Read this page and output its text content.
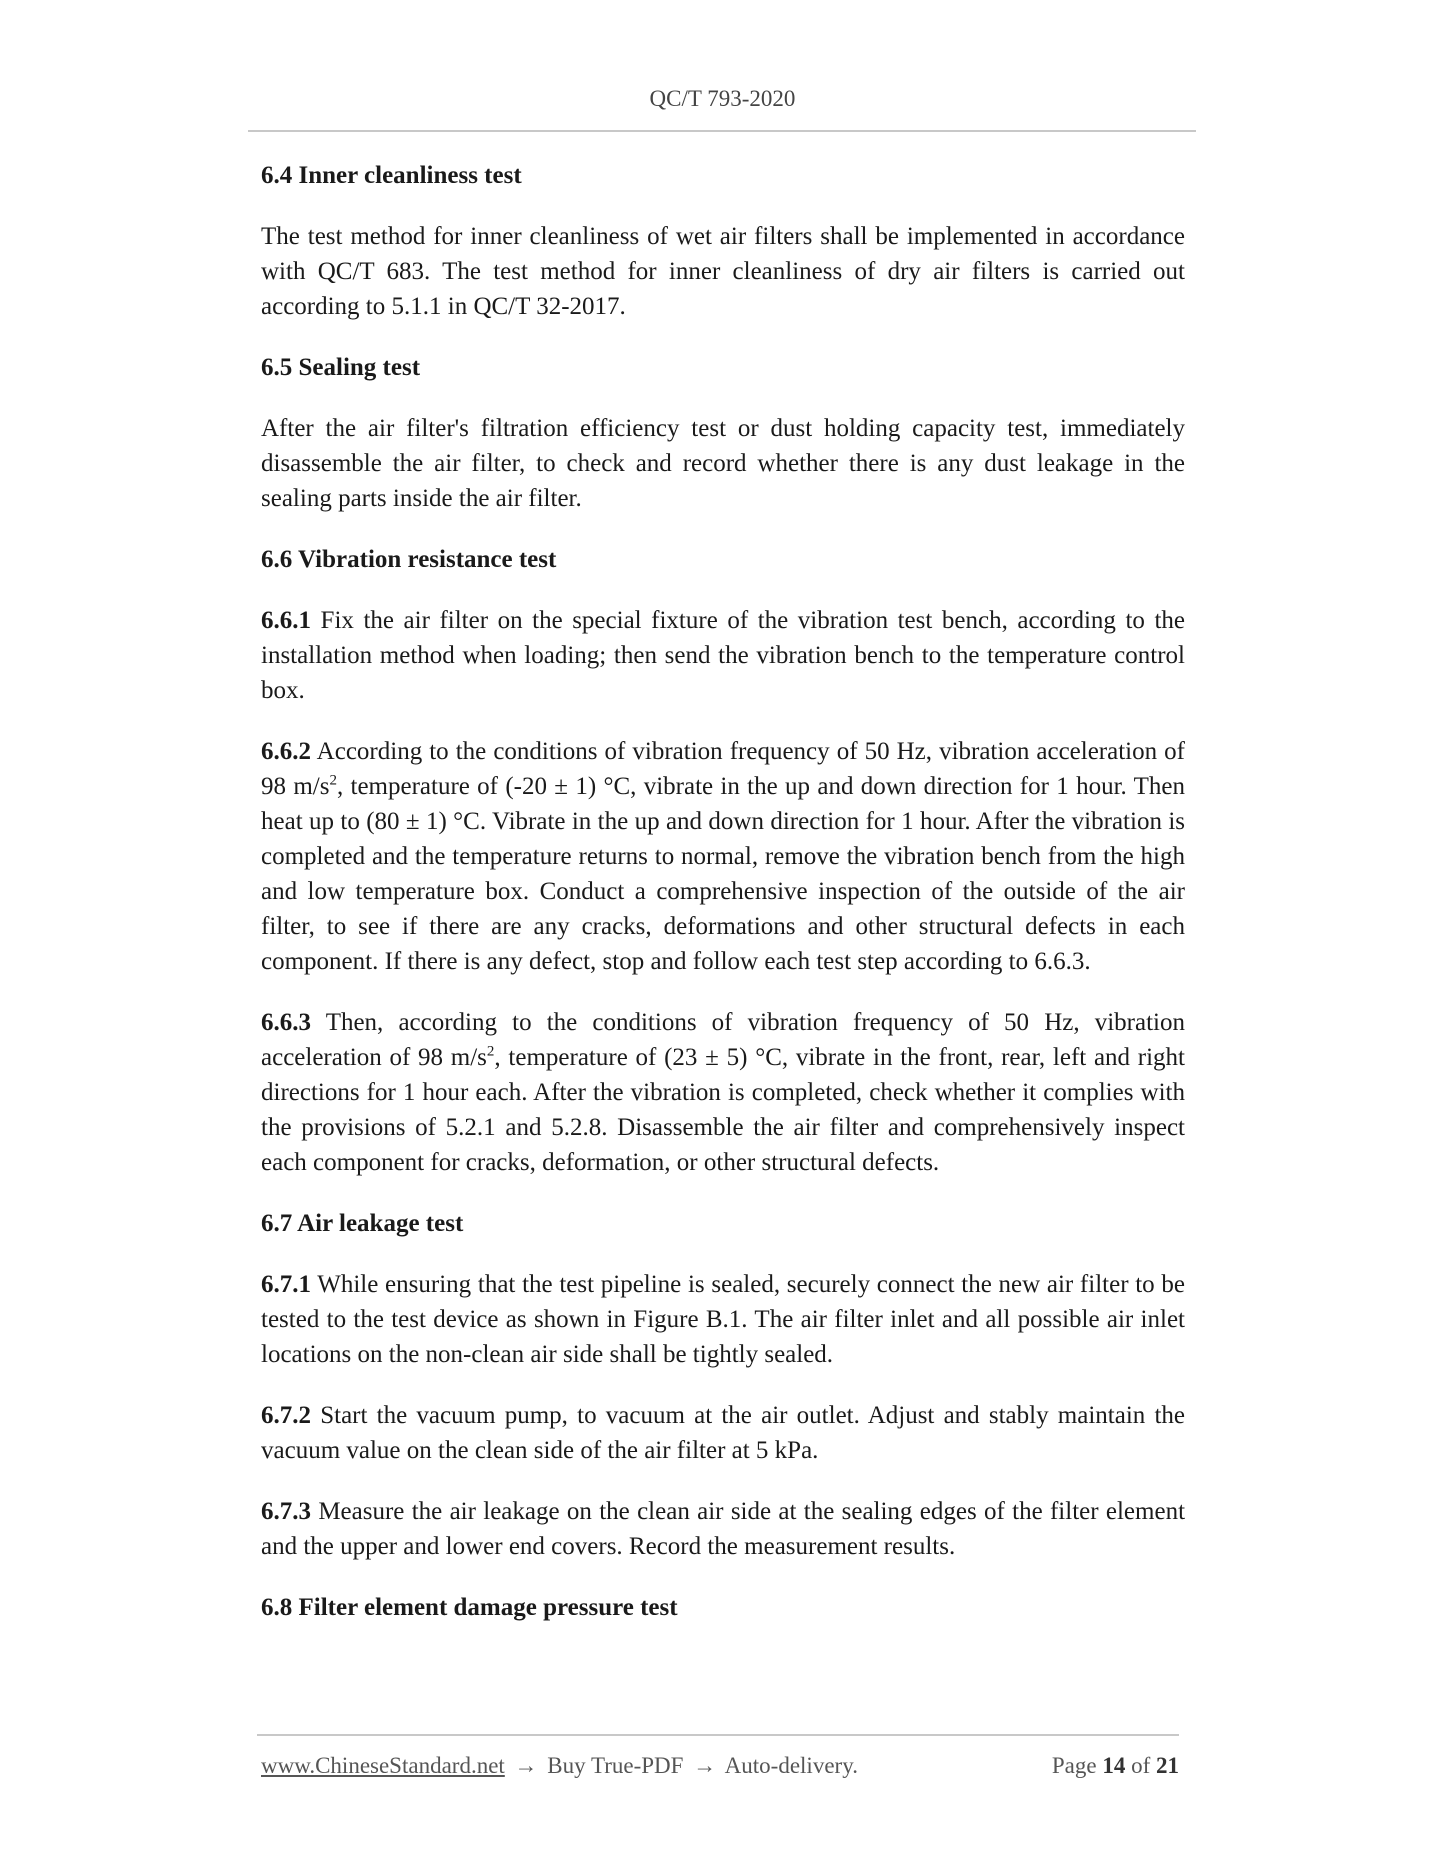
QC/T 793-2020
6.4 Inner cleanliness test

The test method for inner cleanliness of wet air filters shall be implemented in accordance with QC/T 683. The test method for inner cleanliness of dry air filters is carried out according to 5.1.1 in QC/T 32-2017.

6.5 Sealing test

After the air filter's filtration efficiency test or dust holding capacity test, immediately disassemble the air filter, to check and record whether there is any dust leakage in the sealing parts inside the air filter.

6.6 Vibration resistance test

6.6.1 Fix the air filter on the special fixture of the vibration test bench, according to the installation method when loading; then send the vibration bench to the temperature control box.

6.6.2 According to the conditions of vibration frequency of 50 Hz, vibration acceleration of 98 $m/s^2$, temperature of (-20 ± 1) °C, vibrate in the up and down direction for 1 hour. Then heat up to (80 ± 1) °C. Vibrate in the up and down direction for 1 hour. After the vibration is completed and the temperature returns to normal, remove the vibration bench from the high and low temperature box. Conduct a comprehensive inspection of the outside of the air filter, to see if there are any cracks, deformations and other structural defects in each component. If there is any defect, stop and follow each test step according to 6.6.3.

6.6.3 Then, according to the conditions of vibration frequency of 50 Hz, vibration acceleration of 98 $m/s^2$, temperature of (23 ± 5) °C, vibrate in the front, rear, left and right directions for 1 hour each. After the vibration is completed, check whether it complies with the provisions of 5.2.1 and 5.2.8. Disassemble the air filter and comprehensively inspect each component for cracks, deformation, or other structural defects.

6.7 Air leakage test

6.7.1 While ensuring that the test pipeline is sealed, securely connect the new air filter to be tested to the test device as shown in Figure B.1. The air filter inlet and all possible air inlet locations on the non-clean air side shall be tightly sealed.

6.7.2 Start the vacuum pump, to vacuum at the air outlet. Adjust and stably maintain the vacuum value on the clean side of the air filter at 5 kPa.

6.7.3 Measure the air leakage on the clean air side at the sealing edges of the filter element and the upper and lower end covers. Record the measurement results.

6.8 Filter element damage pressure test
www.ChineseStandard.net → Buy True-PDF → Auto-delivery.	Page 14 of 21
